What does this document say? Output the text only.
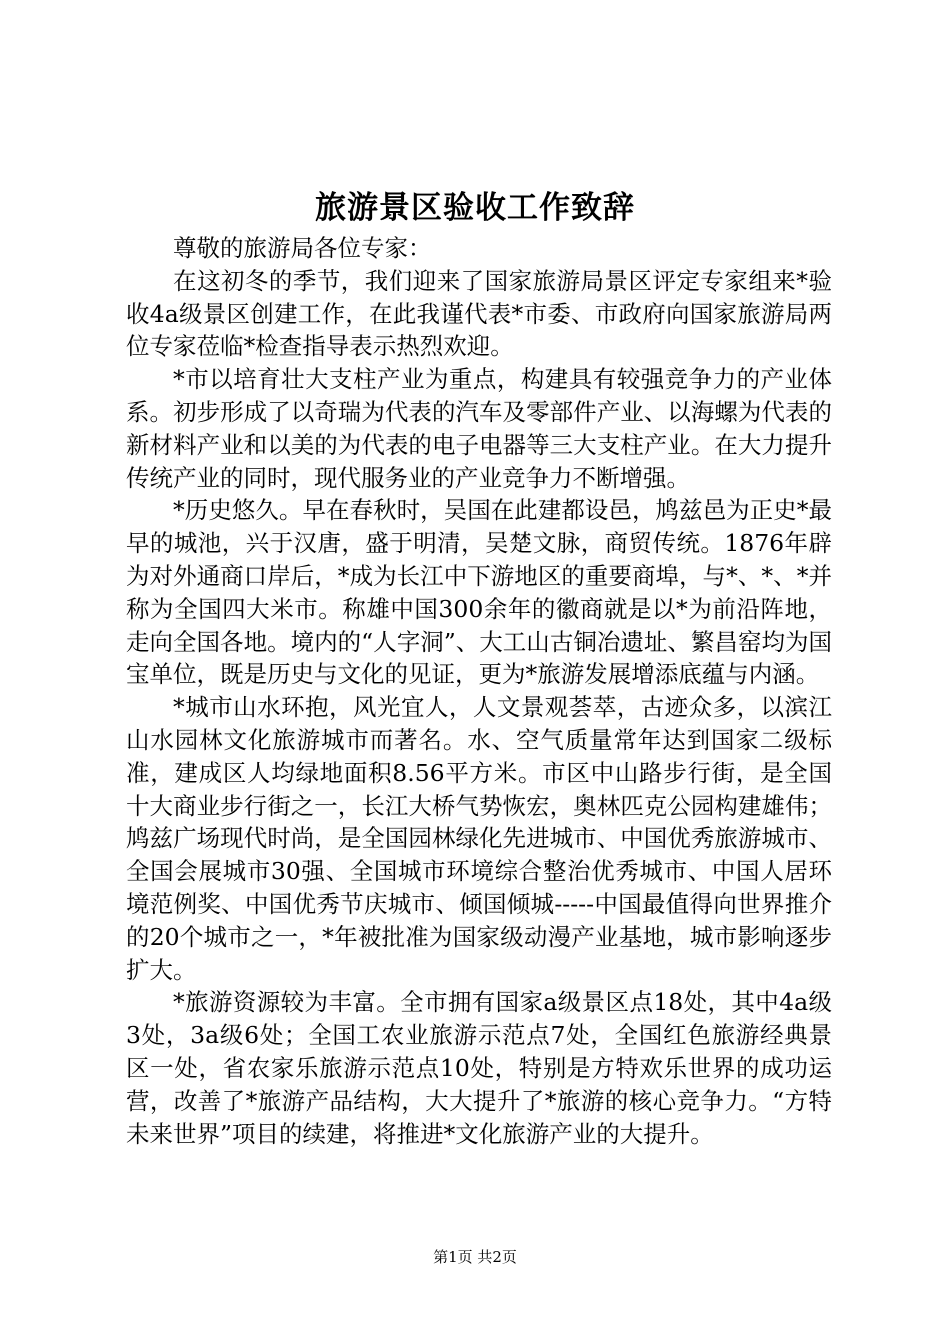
旅游景区验收工作致辞

尊敬的旅游局各位专家：

在这初冬的季节，我们迎来了国家旅游局景区评定专家组来*验收4a级景区创建工作，在此我谨代表*市委、市政府向国家旅游局两位专家莅临*检查指导表示热烈欢迎。

*市以培育壮大支柱产业为重点，构建具有较强竞争力的产业体系。初步形成了以奇瑞为代表的汽车及零部件产业、以海螺为代表的新材料产业和以美的为代表的电子电器等三大支柱产业。在大力提升传统产业的同时，现代服务业的产业竞争力不断增强。

*历史悠久。早在春秋时，吴国在此建都设邑，鸠兹邑为正史*最早的城池，兴于汉唐，盛于明清，吴楚文脉，商贸传统。1876年辟为对外通商口岸后，*成为长江中下游地区的重要商埠，与*、*、*并称为全国四大米市。称雄中国300余年的徽商就是以*为前沿阵地，走向全国各地。境内的“人字洞”、大工山古铜冶遗址、繁昌窑均为国宝单位，既是历史与文化的见证，更为*旅游发展增添底蕴与内涵。

*城市山水环抱，风光宜人，人文景观荟萃，古迹众多，以滨江山水园林文化旅游城市而著名。水、空气质量常年达到国家二级标准，建成区人均绿地面积8.56平方米。市区中山路步行街，是全国十大商业步行街之一，长江大桥气势恢宏，奥林匹克公园构建雄伟；鸠兹广场现代时尚，是全国园林绿化先进城市、中国优秀旅游城市、全国会展城市30强、全国城市环境综合整治优秀城市、中国人居环境范例奖、中国优秀节庆城市、倾国倾城-----中国最值得向世界推介的20个城市之一，*年被批准为国家级动漫产业基地，城市影响逐步扩大。

*旅游资源较为丰富。全市拥有国家a级景区点18处，其中4a级3处，3a级6处；全国工农业旅游示范点7处，全国红色旅游经典景区一处，省农家乐旅游示范点10处，特别是方特欢乐世界的成功运营，改善了*旅游产品结构，大大提升了*旅游的核心竞争力。“方特未来世界”项目的续建，将推进*文化旅游产业的大提升。

第1页 共2页
